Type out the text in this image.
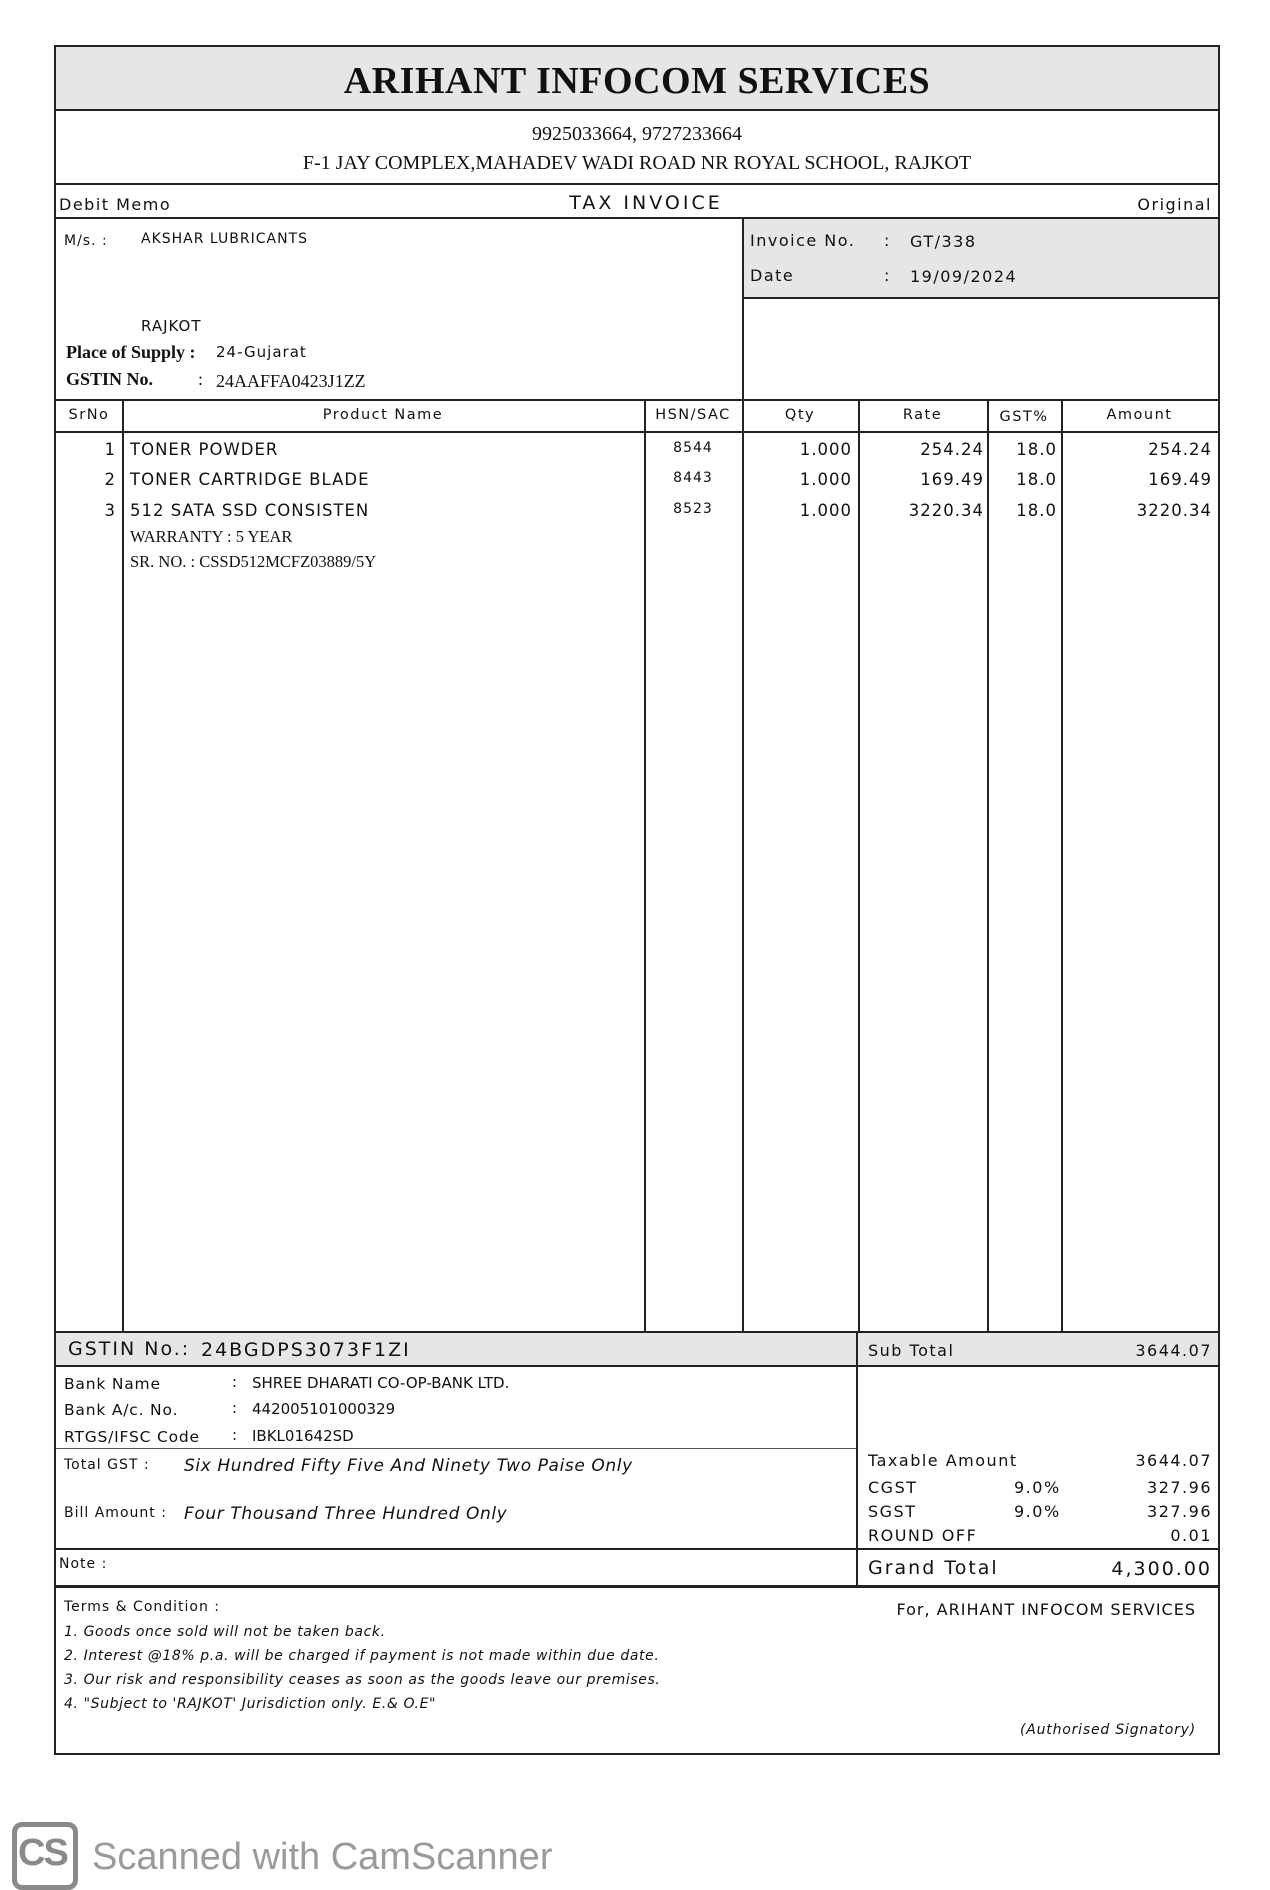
ARIHANT INFOCOM SERVICES
9925033664, 9727233664
F-1 JAY COMPLEX,MAHADEV WADI ROAD NR ROYAL SCHOOL, RAJKOT
Debit Memo	TAX INVOICE	Original
M/s. : AKSHAR LUBRICANTS
RAJKOT
Place of Supply : 24-Gujarat
GSTIN No. : 24AAFFA0423J1ZZ
Invoice No. : GT/338
Date	: 19/09/2024
SrNo	Product Name	HSN/SAC	Qty	Rate	GST%	Amount
1 TONER POWDER	8544	1.000	254.24	18.0	254.24
2 TONER CARTRIDGE BLADE	8443	1.000	169.49	18.0	169.49
3 512 SATA SSD CONSISTEN	8523	1.000	3220.34	18.0	3220.34
WARRANTY : 5 YEAR
SR. NO. : CSSD512MCFZ03889/5Y
GSTIN No.: 24BGDPS3073F1ZI	Sub Total	3644.07
Bank Name	: SHREE DHARATI CO-OP-BANK LTD.
Bank A/c. No.	: 442005101000329
RTGS/IFSC Code : IBKL01642SD
Total GST : Six Hundred Fifty Five And Ninety Two Paise Only
Bill Amount : Four Thousand Three Hundred Only
Taxable Amount	3644.07
CGST	9.0%	327.96
SGST	9.0%	327.96
ROUND OFF	0.01
Note :	Grand Total	4,300.00
Terms & Condition :
1. Goods once sold will not be taken back.
2. Interest @18% p.a. will be charged if payment is not made within due date.
3. Our risk and responsibility ceases as soon as the goods leave our premises.
4. "Subject to 'RAJKOT' Jurisdiction only. E.& O.E"
For, ARIHANT INFOCOM SERVICES
(Authorised Signatory)
CS Scanned with CamScanner
